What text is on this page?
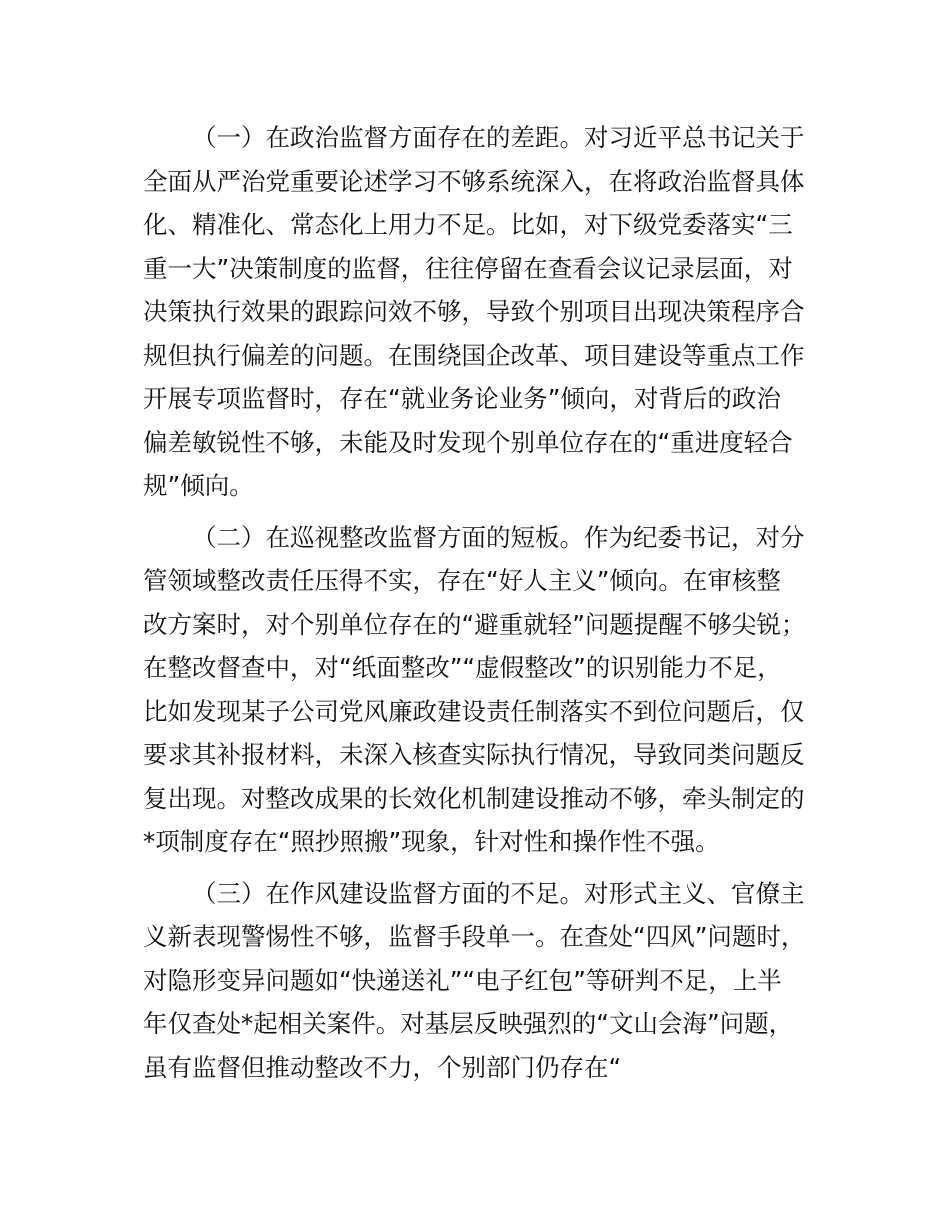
（一）在政治监督方面存在的差距。对习近平总书记关于
全面从严治党重要论述学习不够系统深入，在将政治监督具体
化、精准化、常态化上用力不足。比如，对下级党委落实“三
重一大”决策制度的监督，往往停留在查看会议记录层面，对
决策执行效果的跟踪问效不够，导致个别项目出现决策程序合
规但执行偏差的问题。在围绕国企改革、项目建设等重点工作
开展专项监督时，存在“就业务论业务”倾向，对背后的政治
偏差敏锐性不够，未能及时发现个别单位存在的“重进度轻合
规”倾向。

（二）在巡视整改监督方面的短板。作为纪委书记，对分
管领域整改责任压得不实，存在“好人主义”倾向。在审核整
改方案时，对个别单位存在的“避重就轻”问题提醒不够尖锐；
在整改督查中，对“纸面整改”“虚假整改”的识别能力不足，
比如发现某子公司党风廉政建设责任制落实不到位问题后，仅
要求其补报材料，未深入核查实际执行情况，导致同类问题反
复出现。对整改成果的长效化机制建设推动不够，牵头制定的
*项制度存在“照抄照搬”现象，针对性和操作性不强。

（三）在作风建设监督方面的不足。对形式主义、官僚主
义新表现警惕性不够，监督手段单一。在查处“四风”问题时，
对隐形变异问题如“快递送礼”“电子红包”等研判不足，上半
年仅查处*起相关案件。对基层反映强烈的“文山会海”问题，
虽有监督但推动整改不力，个别部门仍存在“
